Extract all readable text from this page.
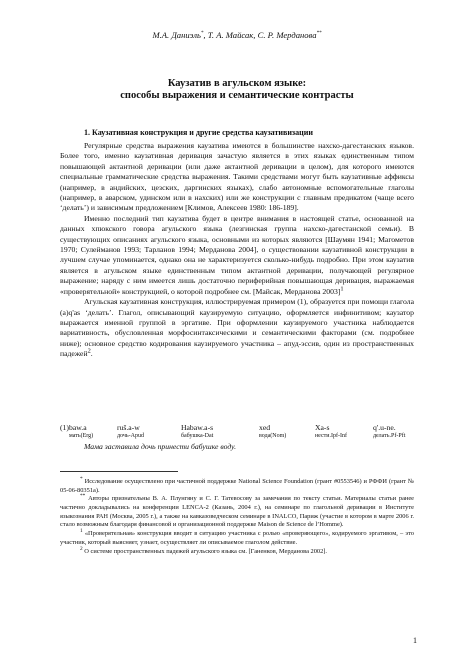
М.А. Даниэль*, Т. А. Майсак, С. Р. Мерданова**
Каузатив в агульском языке:
способы выражения и семантические контрасты
1. Каузативная конструкция и другие средства каузативизации

Регулярные средства выражения каузатива имеются в большинстве нахско-дагестанских языков. Более того, именно каузативная деривация зачастую является в этих языках единственным типом повышающей актантной деривации (или даже актантной деривации в целом), для которого имеются специальные грамматические средства выражения. Такими средствами могут быть каузативные аффиксы (например, в андийских, цезских, даргинских языках), слабо автономные вспомогательные глаголы (например, в аварском, удинском или в нахских) или же конструкции с главным предикатом (чаще всего ‘делать’) и зависимым предложением [Климов, Алексеев 1980: 186-189].

Именно последний тип каузатива будет в центре внимания в настоящей статье, основанной на данных хпюкского говора агульского языка (лезгинская группа нахско-дагестанской семьи). В существующих описаниях агульского языка, основными из которых являются [Шаумян 1941; Магометов 1970; Сулейманов 1993; Тарланов 1994; Мерданова 2004], о существовании каузативной конструкции в лучшем случае упоминается, однако она не характеризуется сколько-нибудь подробно. При этом каузатив является в агульском языке единственным типом актантной деривации, получающей регулярное выражение; наряду с ним имеется лишь достаточно периферийная повышающая деривация, выражаемая «проверятельной» конструкцией, о которой подробнее см. [Майсак, Мерданова 2003]$^1$

Агульская каузативная конструкция, иллюстрируемая примером (1), образуется при помощи глагола (a)q'as ‘делать’. Глагол, описывающий каузируемую ситуацию, оформляется инфинитивом; каузатор выражается именной группой в эргативе. При оформлении каузируемого участника наблюдается вариативность, обусловленная морфосинтаксическими и семантическими факторами (см. подробнее ниже); основное средство кодирования каузируемого участника – апуд-эссив, один из пространственных падежей$^2$.

(1) baw.a	ruš.a-w	Habaw.a-s	xed	Xa-s	q'.u-ne.
мать(Erg)	дочь-Apud	бабушка-Dat	вода(Nom)	нести.Ipf-Inf	делать.Pf-Pft
Мама заставила дочь принести бабушке воду.

* Исследование осуществлено при частичной поддержке National Science Foundation (грант #0553546) и РФФИ (грант № 05-06-80351а).

** Авторы признательны В. А. Плунгяну и С. Г. Татевосову за замечания по тексту статьи. Материалы статьи ранее частично докладывались на конференции LENCA-2 (Казань, 2004 г.), на семинаре по глагольной деривации в Институте языкознания РАН (Москва, 2005 г.), а также на кавказоведческом семинаре в INALCO, Париж (участие в котором в марте 2006 г. стало возможным благодаря финансовой и организационной поддержке Maison de Science de l’Homme).

$^1$ «Проверятельная» конструкция вводит в ситуацию участника с ролью «проверяющего», кодируемого эргативом, – это участник, который выясняет, узнает, осуществляет ли описываемое глаголом действие.

$^2$ О системе пространственных падежей агульского языка см. [Ганенков, Мерданова 2002].

1
